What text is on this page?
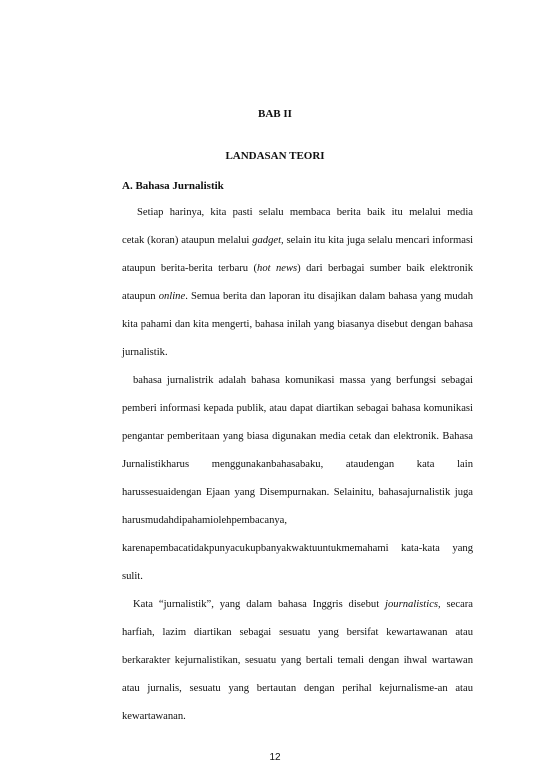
BAB II
LANDASAN TEORI
A. Bahasa Jurnalistik
Setiap harinya, kita pasti selalu membaca berita baik itu melalui media
cetak (koran) ataupun melalui gadget, selain itu kita juga selalu mencari informasi
ataupun berita-berita terbaru (hot news) dari berbagai sumber baik elektronik
ataupun online. Semua berita dan laporan itu disajikan dalam bahasa yang mudah
kita pahami dan kita mengerti, bahasa inilah yang biasanya disebut dengan bahasa
jurnalistik.
bahasa jurnalistrik adalah bahasa komunikasi massa yang berfungsi sebagai
pemberi informasi kepada publik, atau dapat diartikan sebagai bahasa komunikasi
pengantar pemberitaan yang biasa digunakan media cetak dan elektronik. Bahasa
Jurnalistikharus menggunakanbahasabaku, ataudengan kata lain
harussesuaidengan Ejaan yang Disempurnakan. Selainitu, bahasajurnalistik juga
harusmudahdipahamiolehpembacanya,
karenapembacatidakpunyacukupbanyakwaktuuntukmemahami kata-kata yang
sulit.
Kata “jurnalistik”, yang dalam bahasa Inggris disebut journalistics, secara
harfiah, lazim diartikan sebagai sesuatu yang bersifat kewartawanan atau
berkarakter kejurnalistikan, sesuatu yang bertali temali dengan ihwal wartawan
atau jurnalis, sesuatu yang bertautan dengan perihal kejurnalisme-an atau
kewartawanan.
12
